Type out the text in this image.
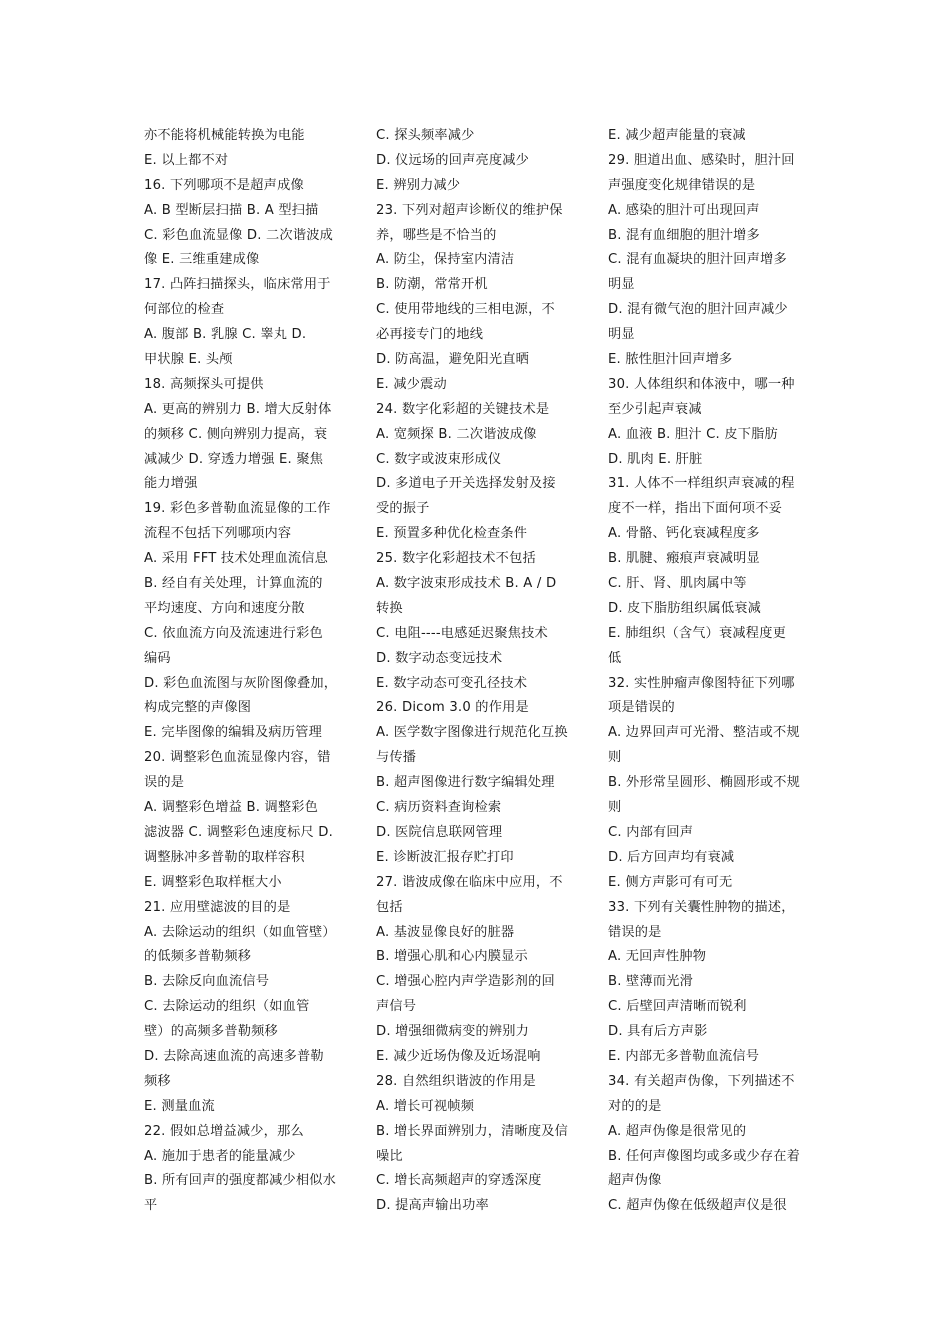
亦不能将机械能转换为电能
E. 以上都不对
16. 下列哪项不是超声成像
A. B 型断层扫描 B. A 型扫描
C. 彩色血流显像 D. 二次谐波成
像 E. 三维重建成像
17. 凸阵扫描探头，临床常用于
何部位的检查
A. 腹部 B. 乳腺 C. 睾丸 D.
甲状腺 E. 头颅
18. 高频探头可提供
A. 更高的辨别力 B. 增大反射体
的频移 C. 侧向辨别力提高，衰
减减少 D. 穿透力增强 E. 聚焦
能力增强
19. 彩色多普勒血流显像的工作
流程不包括下列哪项内容
A. 采用 FFT 技术处理血流信息
B. 经自有关处理，计算血流的
平均速度、方向和速度分散
C. 依血流方向及流速进行彩色
编码
D. 彩色血流图与灰阶图像叠加，
构成完整的声像图
E. 完毕图像的编辑及病历管理
20. 调整彩色血流显像内容，错
误的是
A. 调整彩色增益 B. 调整彩色
滤波器 C. 调整彩色速度标尺 D.
调整脉冲多普勒的取样容积
E. 调整彩色取样框大小
21. 应用壁滤波的目的是
A. 去除运动的组织（如血管壁）
的低频多普勒频移
B. 去除反向血流信号
C. 去除运动的组织（如血管
壁）的高频多普勒频移
D. 去除高速血流的高速多普勒
频移
E. 测量血流
22. 假如总增益减少，那么
A. 施加于患者的能量减少
B. 所有回声的强度都减少相似水
平
C. 探头频率减少
D. 仪远场的回声亮度减少
E. 辨别力减少
23. 下列对超声诊断仪的维护保
养，哪些是不恰当的
A. 防尘，保持室内清洁
B. 防潮，常常开机
C. 使用带地线的三相电源，不
必再接专门的地线
D. 防高温，避免阳光直晒
E. 减少震动
24. 数字化彩超的关键技术是
A. 宽频探 B. 二次谐波成像
C. 数字或波束形成仪
D. 多道电子开关选择发射及接
受的振子
E. 预置多种优化检查条件
25. 数字化彩超技术不包括
A. 数字波束形成技术 B. A / D
转换
C. 电阻----电感延迟聚焦技术
D. 数字动态变远技术
E. 数字动态可变孔径技术
26. Dicom 3.0 的作用是
A. 医学数字图像进行规范化互换
与传播
B. 超声图像进行数字编辑处理
C. 病历资料查询检索
D. 医院信息联网管理
E. 诊断波汇报存贮打印
27. 谐波成像在临床中应用，不
包括
A. 基波显像良好的脏器
B. 增强心肌和心内膜显示
C. 增强心腔内声学造影剂的回
声信号
D. 增强细微病变的辨别力
E. 减少近场伪像及近场混响
28. 自然组织谐波的作用是
A. 增长可视帧频
B. 增长界面辨别力，清晰度及信
噪比
C. 增长高频超声的穿透深度
D. 提高声输出功率
E. 减少超声能量的衰减
29. 胆道出血、感染时，胆汁回
声强度变化规律错误的是
A. 感染的胆汁可出现回声
B. 混有血细胞的胆汁增多
C. 混有血凝块的胆汁回声增多
明显
D. 混有微气泡的胆汁回声减少
明显
E. 脓性胆汁回声增多
30. 人体组织和体液中，哪一种
至少引起声衰减
A. 血液 B. 胆汁 C. 皮下脂肪
D. 肌肉 E. 肝脏
31. 人体不一样组织声衰减的程
度不一样，指出下面何项不妥
A. 骨骼、钙化衰减程度多
B. 肌腱、瘢痕声衰减明显
C. 肝、肾、肌肉属中等
D. 皮下脂肪组织属低衰减
E. 肺组织（含气）衰减程度更
低
32. 实性肿瘤声像图特征下列哪
项是错误的
A. 边界回声可光滑、整洁或不规
则
B. 外形常呈圆形、椭圆形或不规
则
C. 内部有回声
D. 后方回声均有衰减
E. 侧方声影可有可无
33. 下列有关囊性肿物的描述，
错误的是
A. 无回声性肿物
B. 壁薄而光滑
C. 后壁回声清晰而锐利
D. 具有后方声影
E. 内部无多普勒血流信号
34. 有关超声伪像，下列描述不
对的的是
A. 超声伪像是很常见的
B. 任何声像图均或多或少存在着
超声伪像
C. 超声伪像在低级超声仪是很
